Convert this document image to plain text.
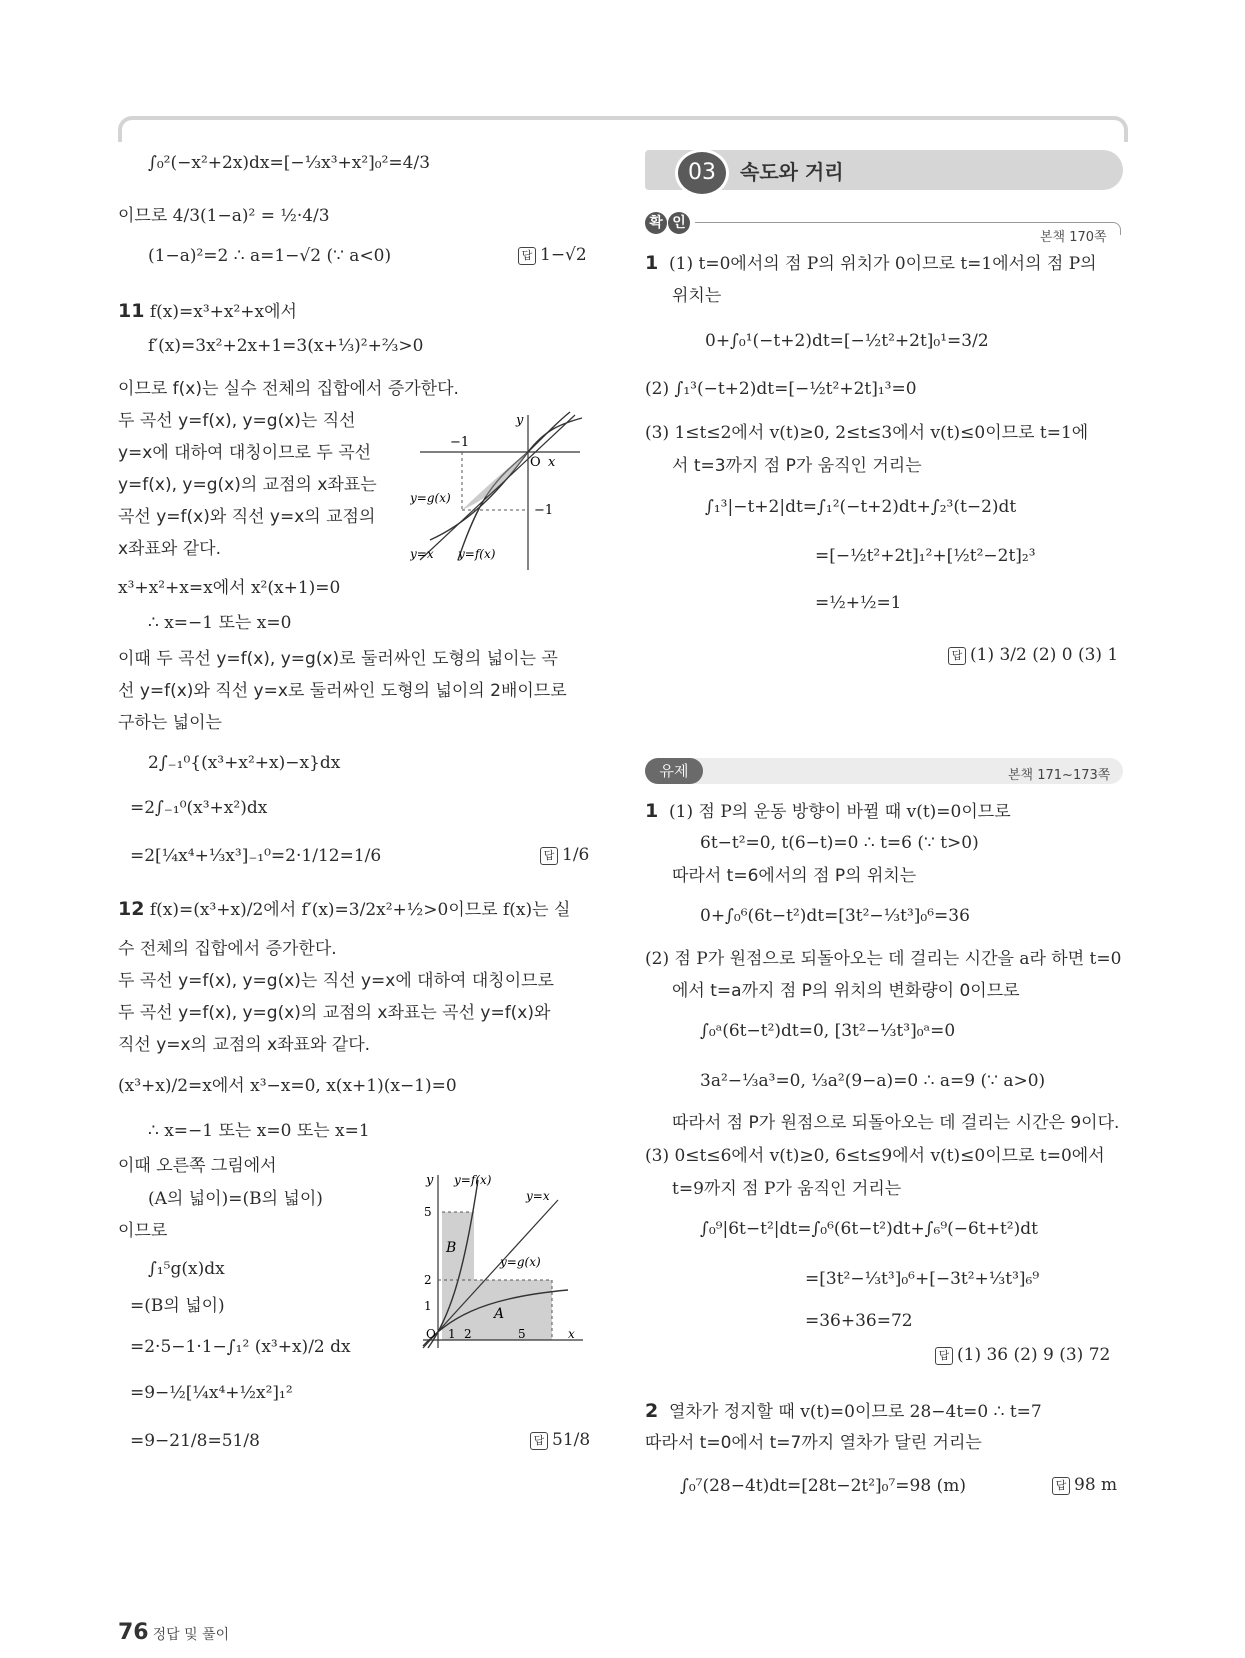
∫₀²(−x²+2x)dx=[−⅓x³+x²]₀²=4/3
이므로 4/3(1−a)² = ½·4/3
(1−a)²=2 ∴ a=1−√2 (∵ a<0)	답 1−√2
11 f(x)=x³+x²+x에서
f′(x)=3x²+2x+1=3(x+⅓)²+⅔>0
이므로 f(x)는 실수 전체의 집합에서 증가한다.
두 곡선 y=f(x), y=g(x)는 직선
y=x에 대하여 대칭이므로 두 곡선
y=f(x), y=g(x)의 교점의 x좌표는
곡선 y=f(x)와 직선 y=x의 교점의
x좌표와 같다.
x³+x²+x=x에서 x²(x+1)=0
∴ x=−1 또는 x=0
이때 두 곡선 y=f(x), y=g(x)로 둘러싸인 도형의 넓이는 곡
선 y=f(x)와 직선 y=x로 둘러싸인 도형의 넓이의 2배이므로
구하는 넓이는
2∫₋₁⁰{(x³+x²+x)−x}dx
=2∫₋₁⁰(x³+x²)dx
=2[¼x⁴+⅓x³]₋₁⁰=2·1/12=1/6	답 1/6
−1
O x
y
y=g(x)
−1
y=x y=f(x)
12 f(x)=(x³+x)/2에서 f′(x)=3/2x²+½>0이므로 f(x)는 실
수 전체의 집합에서 증가한다.
두 곡선 y=f(x), y=g(x)는 직선 y=x에 대하여 대칭이므로
두 곡선 y=f(x), y=g(x)의 교점의 x좌표는 곡선 y=f(x)와
직선 y=x의 교점의 x좌표와 같다.
(x³+x)/2=x에서 x³−x=0, x(x+1)(x−1)=0
∴ x=−1 또는 x=0 또는 x=1
이때 오른쪽 그림에서
(A의 넓이)=(B의 넓이)
이므로
∫₁⁵g(x)dx
=(B의 넓이)
=2·5−1·1−∫₁² (x³+x)/2 dx
=9−½[¼x⁴+½x²]₁²
=9−21/8=51/8	답 51/8
y y=f(x)
y=x
5
B
y=g(x)
2
A
1
O 1 2	5	x
03	속도와 거리
확 인
본책 170쪽
1 (1) t=0에서의 점 P의 위치가 0이므로 t=1에서의 점 P의
위치는
0+∫₀¹(−t+2)dt=[−½t²+2t]₀¹=3/2
(2) ∫₁³(−t+2)dt=[−½t²+2t]₁³=0
(3) 1≤t≤2에서 v(t)≥0, 2≤t≤3에서 v(t)≤0이므로 t=1에
서 t=3까지 점 P가 움직인 거리는
∫₁³|−t+2|dt=∫₁²(−t+2)dt+∫₂³(t−2)dt
=[−½t²+2t]₁²+[½t²−2t]₂³
=½+½=1
답 (1) 3/2 (2) 0 (3) 1
유제	본책 171~173쪽
1 (1) 점 P의 운동 방향이 바뀔 때 v(t)=0이므로
6t−t²=0, t(6−t)=0 ∴ t=6 (∵ t>0)
따라서 t=6에서의 점 P의 위치는
0+∫₀⁶(6t−t²)dt=[3t²−⅓t³]₀⁶=36
(2) 점 P가 원점으로 되돌아오는 데 걸리는 시간을 a라 하면 t=0
에서 t=a까지 점 P의 위치의 변화량이 0이므로
∫₀ᵃ(6t−t²)dt=0, [3t²−⅓t³]₀ᵃ=0
3a²−⅓a³=0, ⅓a²(9−a)=0 ∴ a=9 (∵ a>0)
따라서 점 P가 원점으로 되돌아오는 데 걸리는 시간은 9이다.
(3) 0≤t≤6에서 v(t)≥0, 6≤t≤9에서 v(t)≤0이므로 t=0에서
t=9까지 점 P가 움직인 거리는
∫₀⁹|6t−t²|dt=∫₀⁶(6t−t²)dt+∫₆⁹(−6t+t²)dt
=[3t²−⅓t³]₀⁶+[−3t²+⅓t³]₆⁹
=36+36=72
답 (1) 36 (2) 9 (3) 72
2 열차가 정지할 때 v(t)=0이므로 28−4t=0 ∴ t=7
따라서 t=0에서 t=7까지 열차가 달린 거리는
∫₀⁷(28−4t)dt=[28t−2t²]₀⁷=98 (m)	답 98 m
76 정답 및 풀이
